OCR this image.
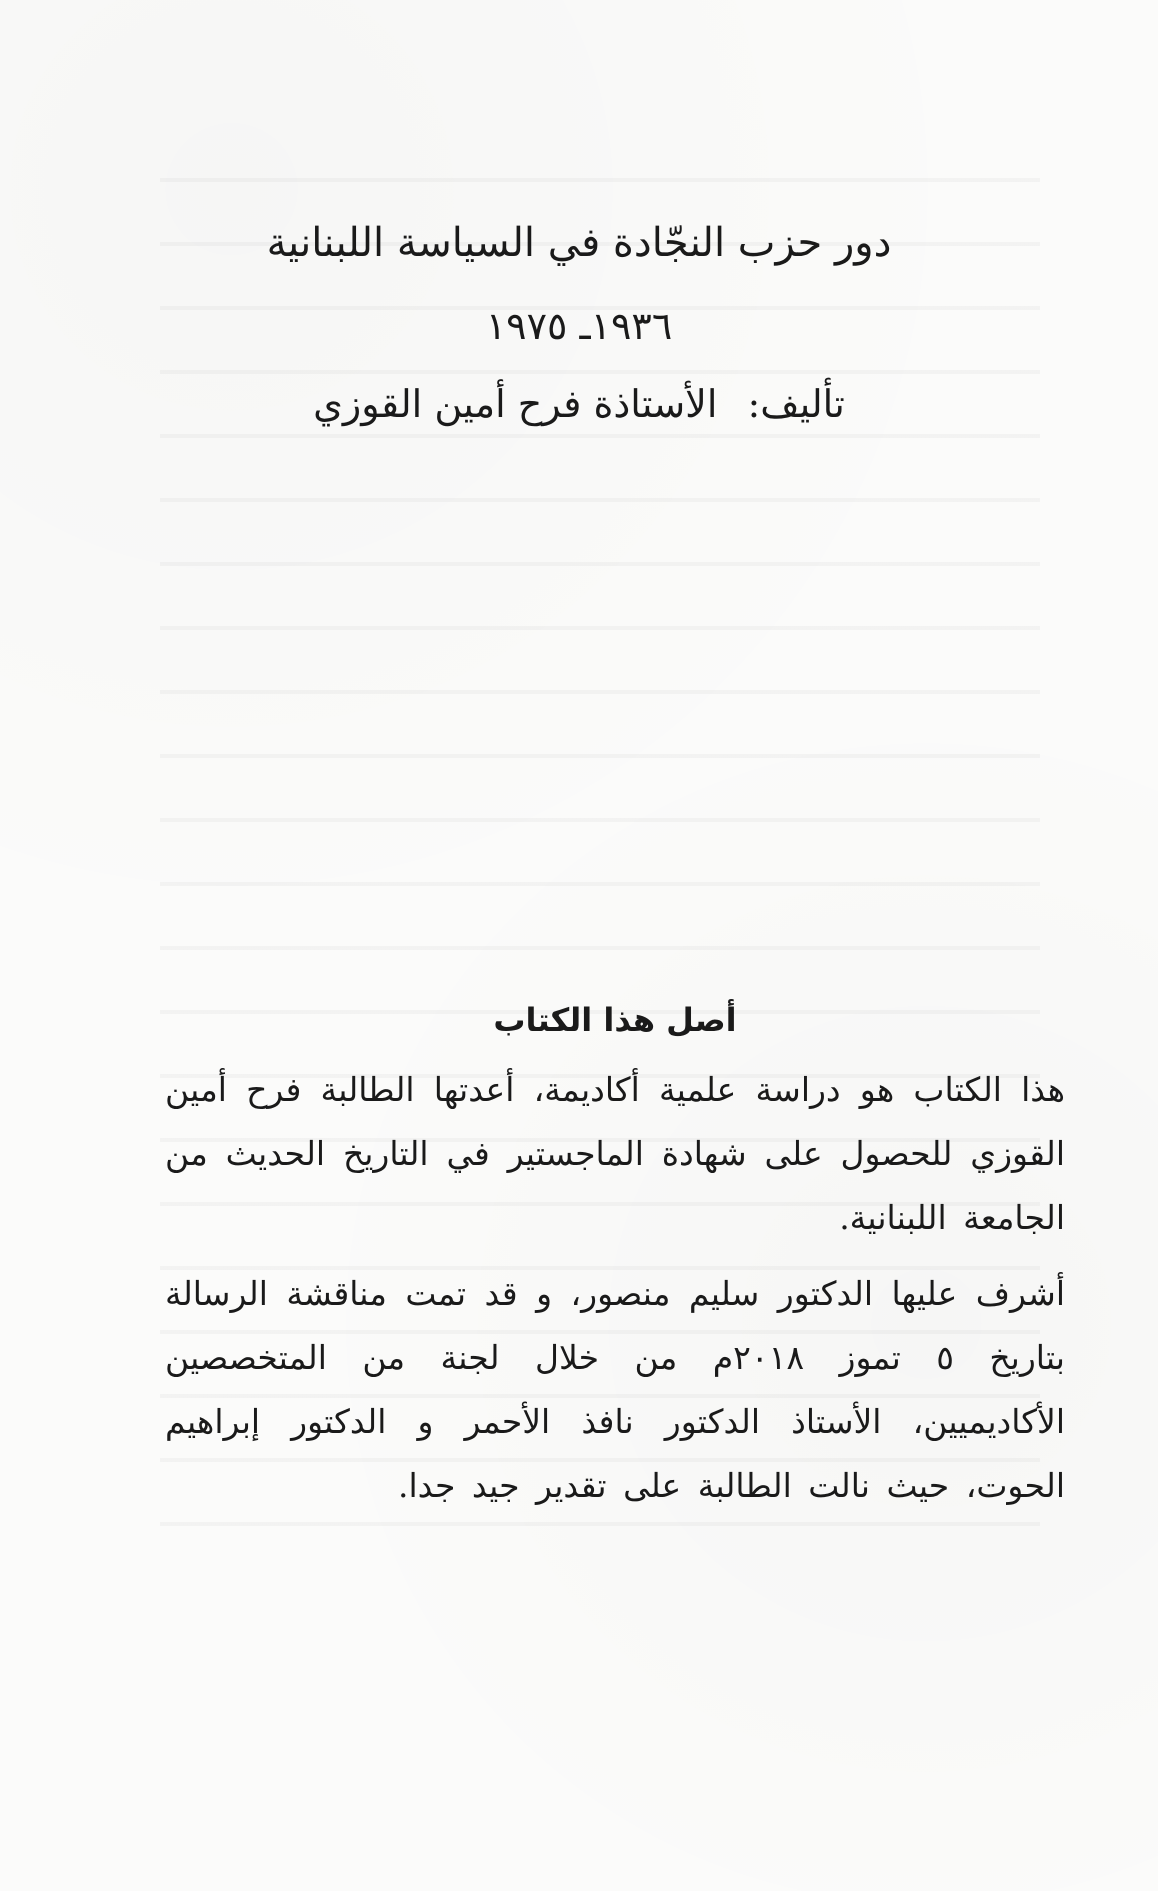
دور حزب النجّادة في السياسة اللبنانية
١٩٣٦ـ ١٩٧٥
تأليف: الأستاذة فرح أمين القوزي
أصل هذا الكتاب

هذا الكتاب هو دراسة علمية أكاديمة، أعدتها الطالبة فرح أمين القوزي للحصول على شهادة الماجستير في التاريخ الحديث من الجامعة اللبنانية.

أشرف عليها الدكتور سليم منصور، و قد تمت مناقشة الرسالة بتاريخ ٥ تموز ٢٠١٨م من خلال لجنة من المتخصصين الأكاديميين، الأستاذ الدكتور نافذ الأحمر و الدكتور إبراهيم الحوت، حيث نالت الطالبة على تقدير جيد جدا.
